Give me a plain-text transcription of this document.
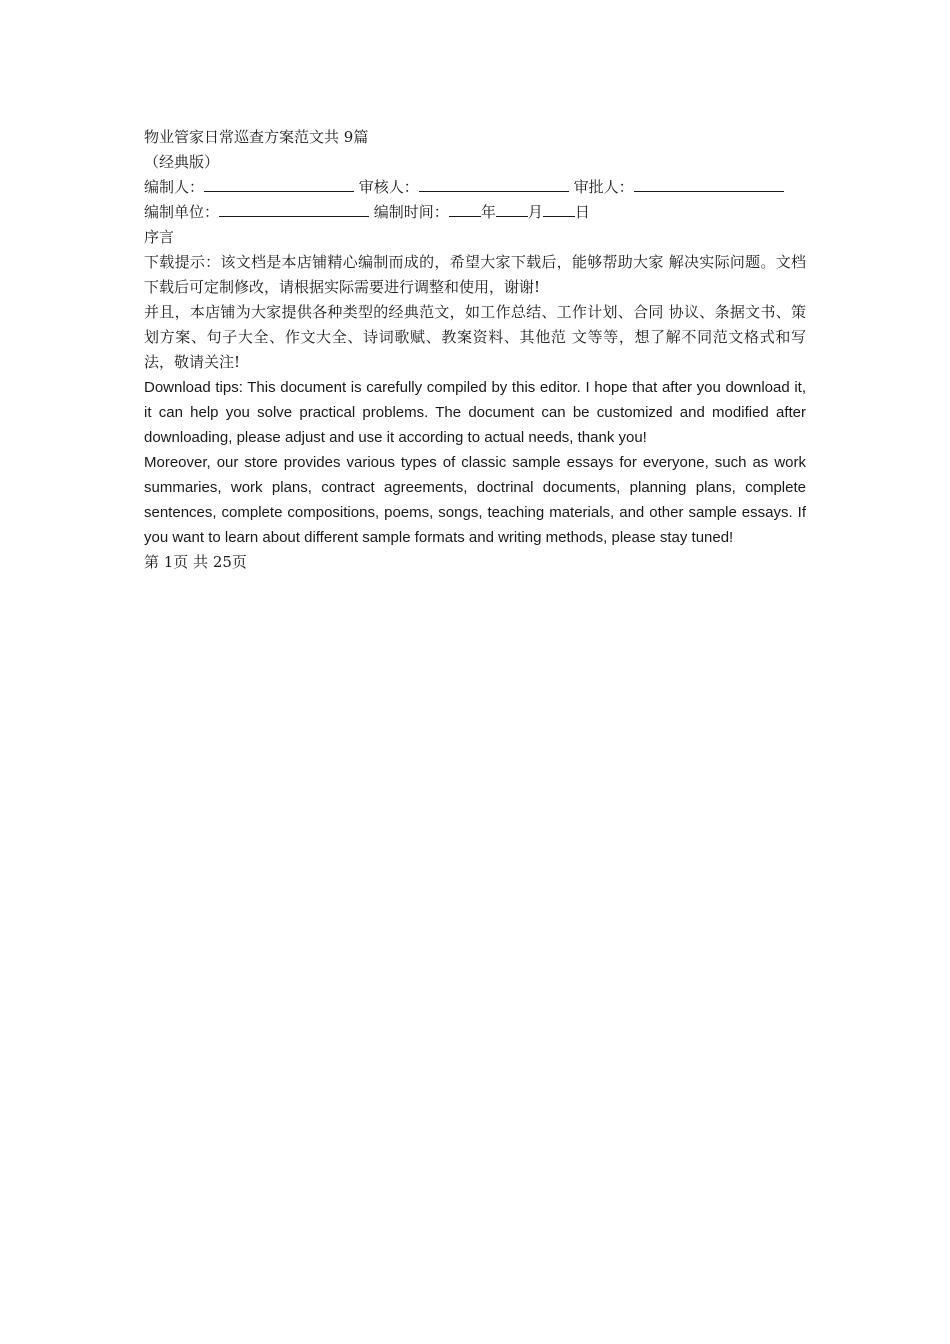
物业管家日常巡查方案范文共 9篇
（经典版）
编制人：	审核人：	审批人：
编制单位：	编制时间： 年 月 日
序言
下载提示：该文档是本店铺精心编制而成的，希望大家下载后，能够帮助大家 解决实际问题。文档下载后可定制修改，请根据实际需要进行调整和使用，谢谢!
并且，本店铺为大家提供各种类型的经典范文，如工作总结、工作计划、合同 协议、条据文书、策划方案、句子大全、作文大全、诗词歌赋、教案资料、其他范 文等等，想了解不同范文格式和写法，敬请关注!
Download tips: This document is carefully compiled by this editor. I hope that after you download it, it can help you solve practical problems. The document can be customized and modified after downloading, please adjust and use it according to actual needs, thank you!
Moreover, our store provides various types of classic sample essays for everyone, such as work summaries, work plans, contract agreements, doctrinal documents, planning plans, complete sentences, complete compositions, poems, songs, teaching materials, and other sample essays. If you want to learn about different sample formats and writing methods, please stay tuned!
第 1页 共 25页
